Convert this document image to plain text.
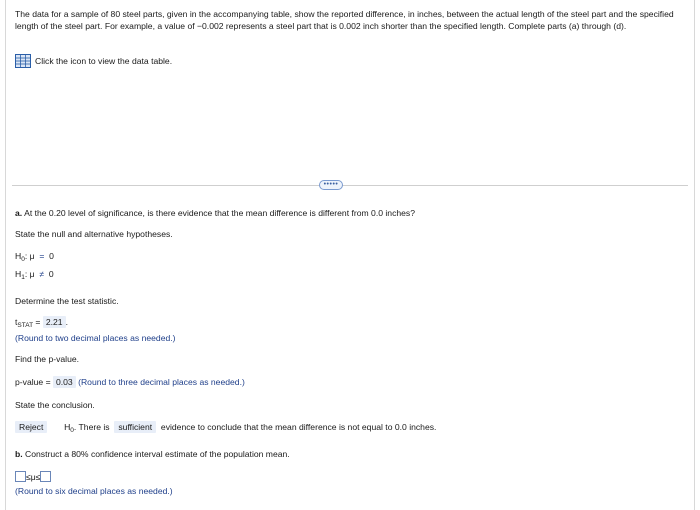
The data for a sample of 80 steel parts, given in the accompanying table, show the reported difference, in inches, between the actual length of the steel part and the specified length of the steel part. For example, a value of −0.002 represents a steel part that is 0.002 inch shorter than the specified length. Complete parts (a) through (d).
Click the icon to view the data table.
•••••
a. At the 0.20 level of significance, is there evidence that the mean difference is different from 0.0 inches?
State the null and alternative hypotheses.
$H_0$: μ = 0
$H_1$: μ ≠ 0
Determine the test statistic.
$t_{STAT} = 2.21$ .
(Round to two decimal places as needed.)
Find the p-value.
p-value = 0.03 (Round to three decimal places as needed.)
State the conclusion.
Reject $H_0$. There is sufficient evidence to conclude that the mean difference is not equal to 0.0 inches.
b. Construct a 80% confidence interval estimate of the population mean.
≤μ≤
(Round to six decimal places as needed.)
